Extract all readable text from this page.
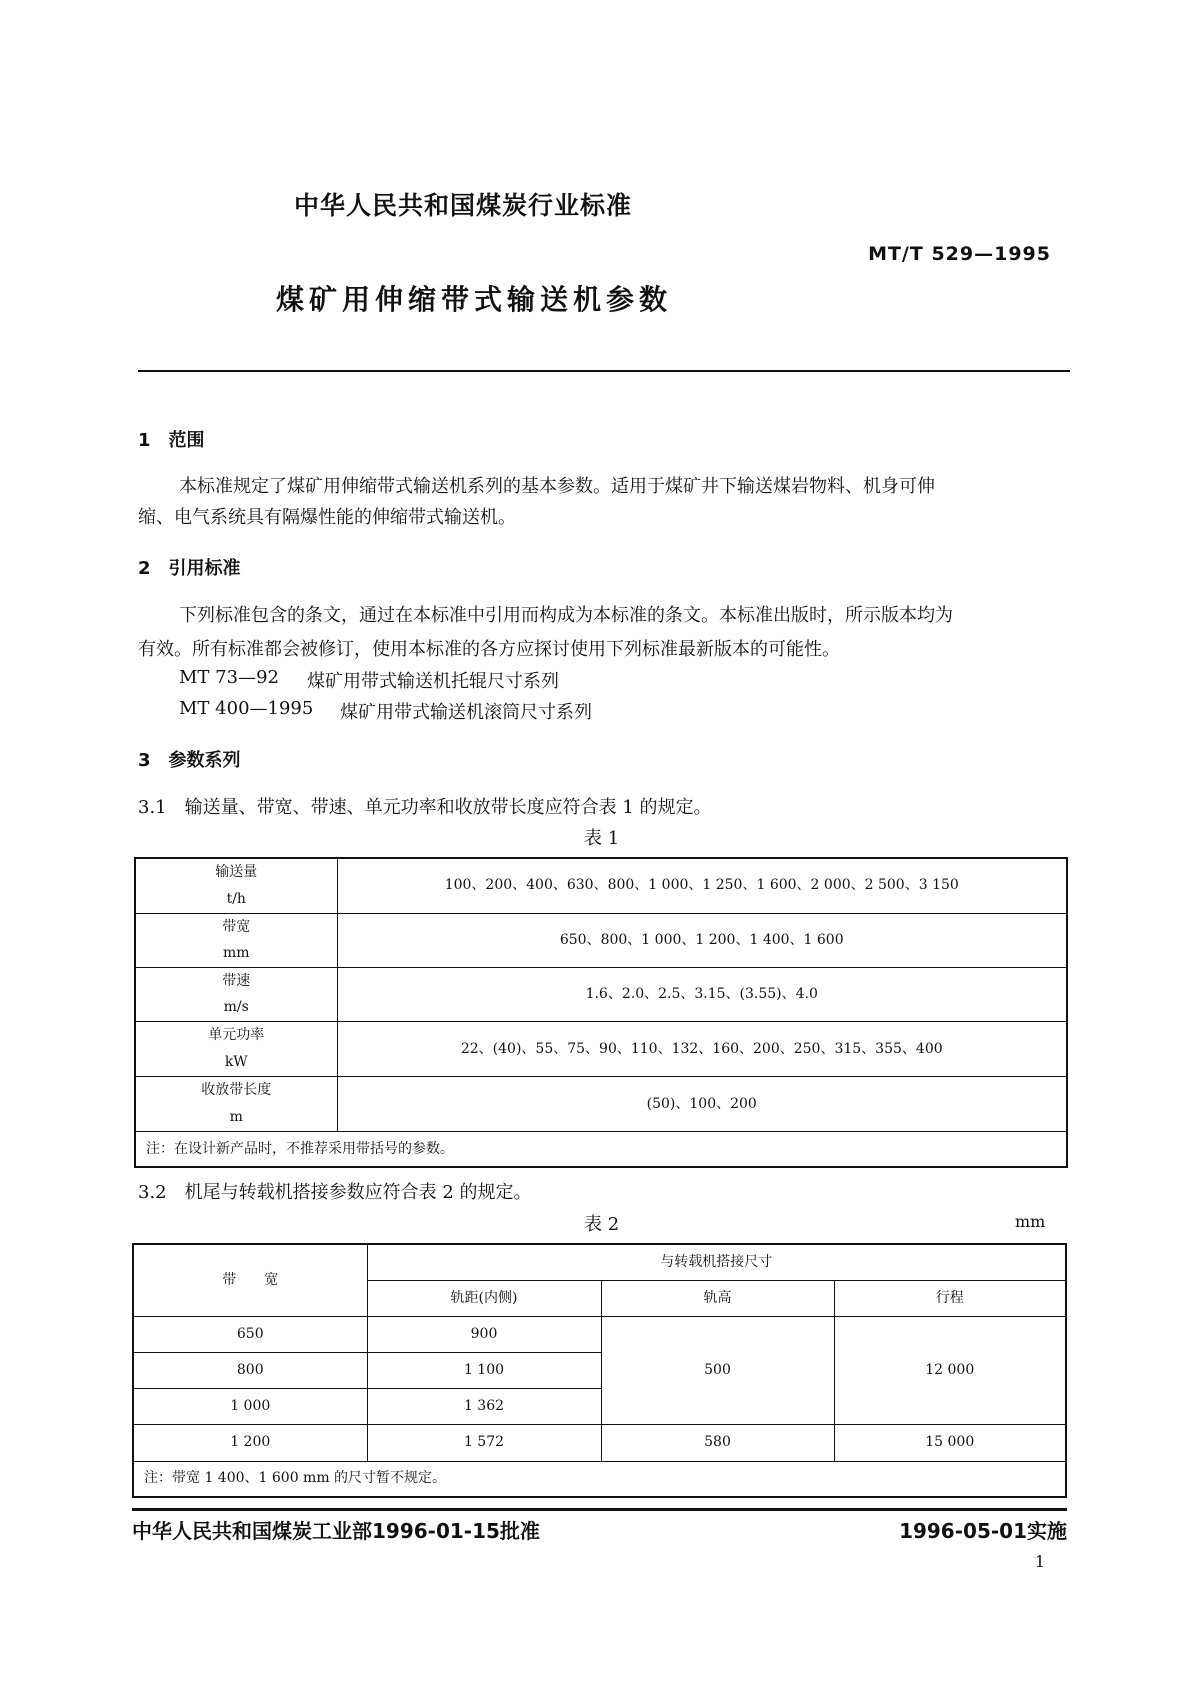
中华人民共和国煤炭行业标准
MT/T 529—1995
煤矿用伸缩带式输送机参数
1　范围
本标准规定了煤矿用伸缩带式输送机系列的基本参数。适用于煤矿井下输送煤岩物料、机身可伸
缩、电气系统具有隔爆性能的伸缩带式输送机。
2　引用标准
下列标准包含的条文，通过在本标准中引用而构成为本标准的条文。本标准出版时，所示版本均为
有效。所有标准都会被修订，使用本标准的各方应探讨使用下列标准最新版本的可能性。
MT 73—92 煤矿用带式输送机托辊尺寸系列
MT 400—1995 煤矿用带式输送机滚筒尺寸系列
3　参数系列
3.1　输送量、带宽、带速、单元功率和收放带长度应符合表 1 的规定。
表 1
输送量
t/h	100、200、400、630、800、1 000、1 250、1 600、2 000、2 500、3 150

带宽
mm	650、800、1 000、1 200、1 400、1 600

带速
m/s	1.6、2.0、2.5、3.15、(3.55)、4.0

单元功率
kW	22、(40)、55、75、90、110、132、160、200、250、315、355、400

收放带长度
m	(50)、100、200
注：在设计新产品时，不推荐采用带括号的参数。	
3.2　机尾与转载机搭接参数应符合表 2 的规定。
表 2	mm
带　　宽	与转载机搭接尺寸		
	轨距(内侧)	轨高	行程
650	900	500	12 000
800	1 100		
1 000	1 362		
1 200	1 572	580	15 000
注：带宽 1 400、1 600 mm 的尺寸暂不规定。			
中华人民共和国煤炭工业部1996-01-15批准	1996-05-01实施
1
